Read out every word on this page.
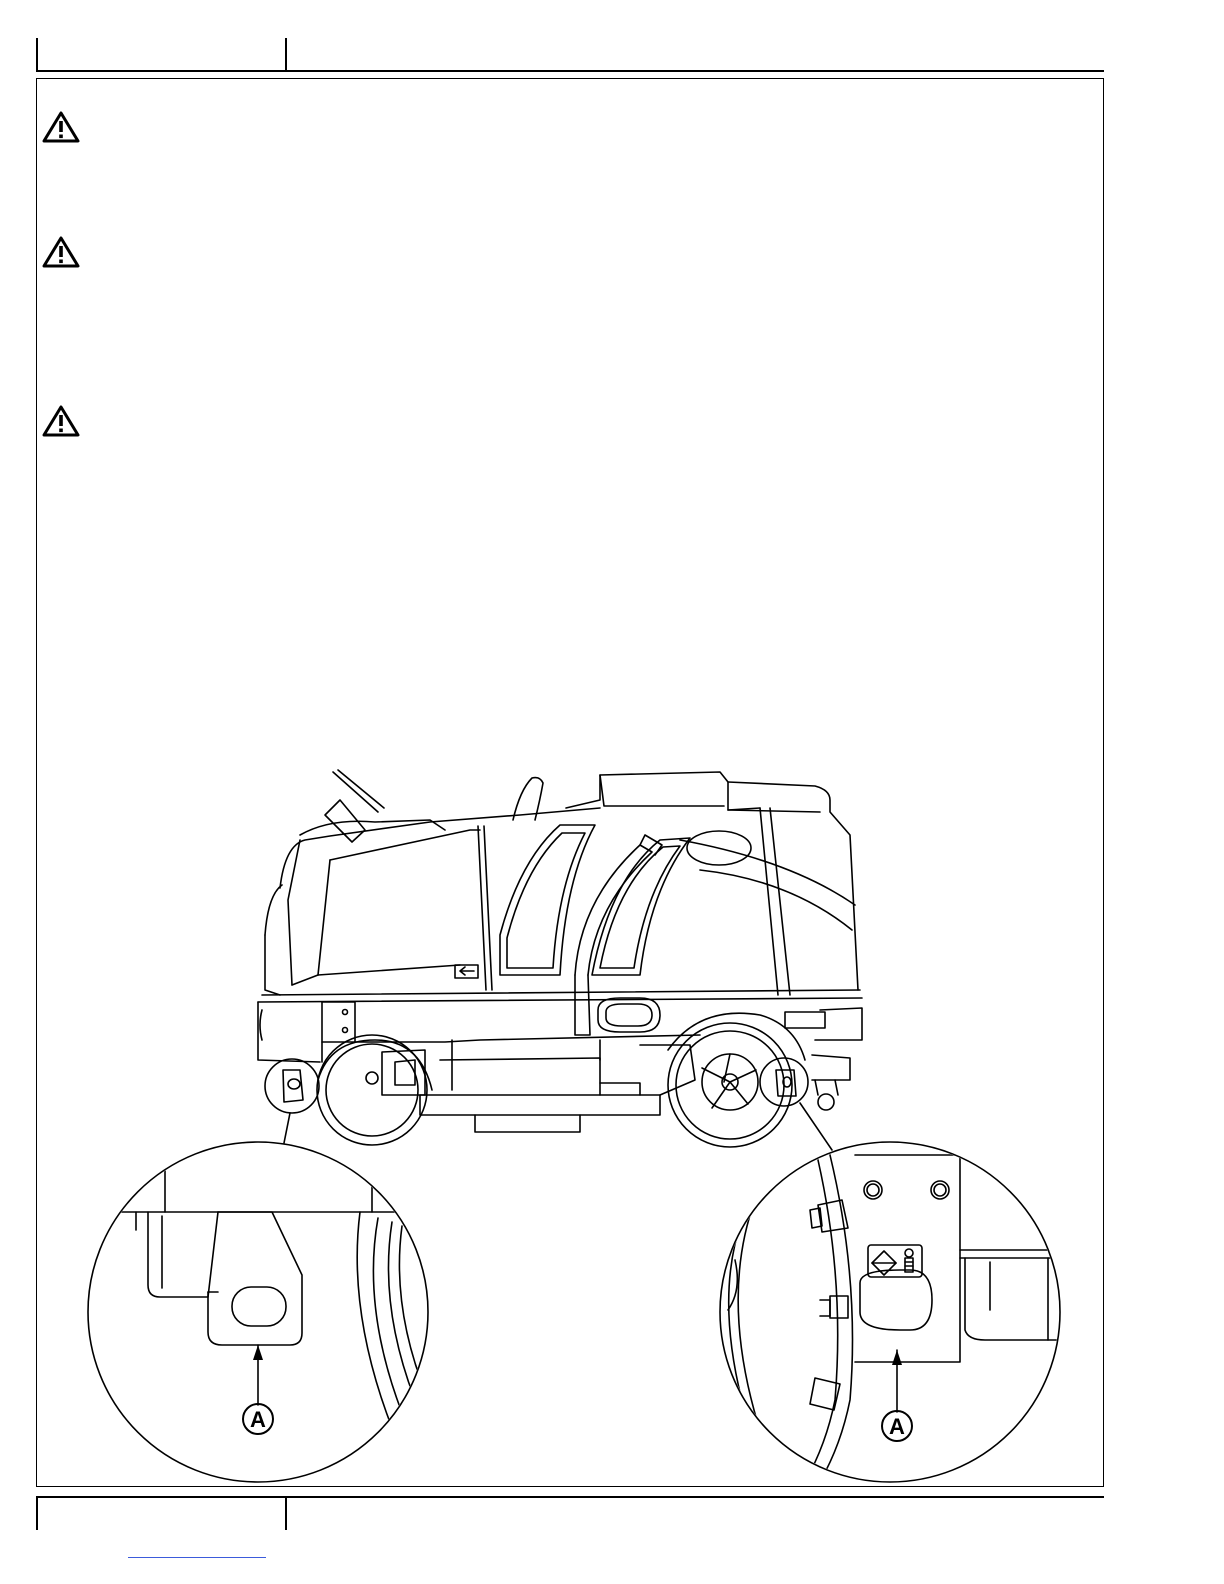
A	A
